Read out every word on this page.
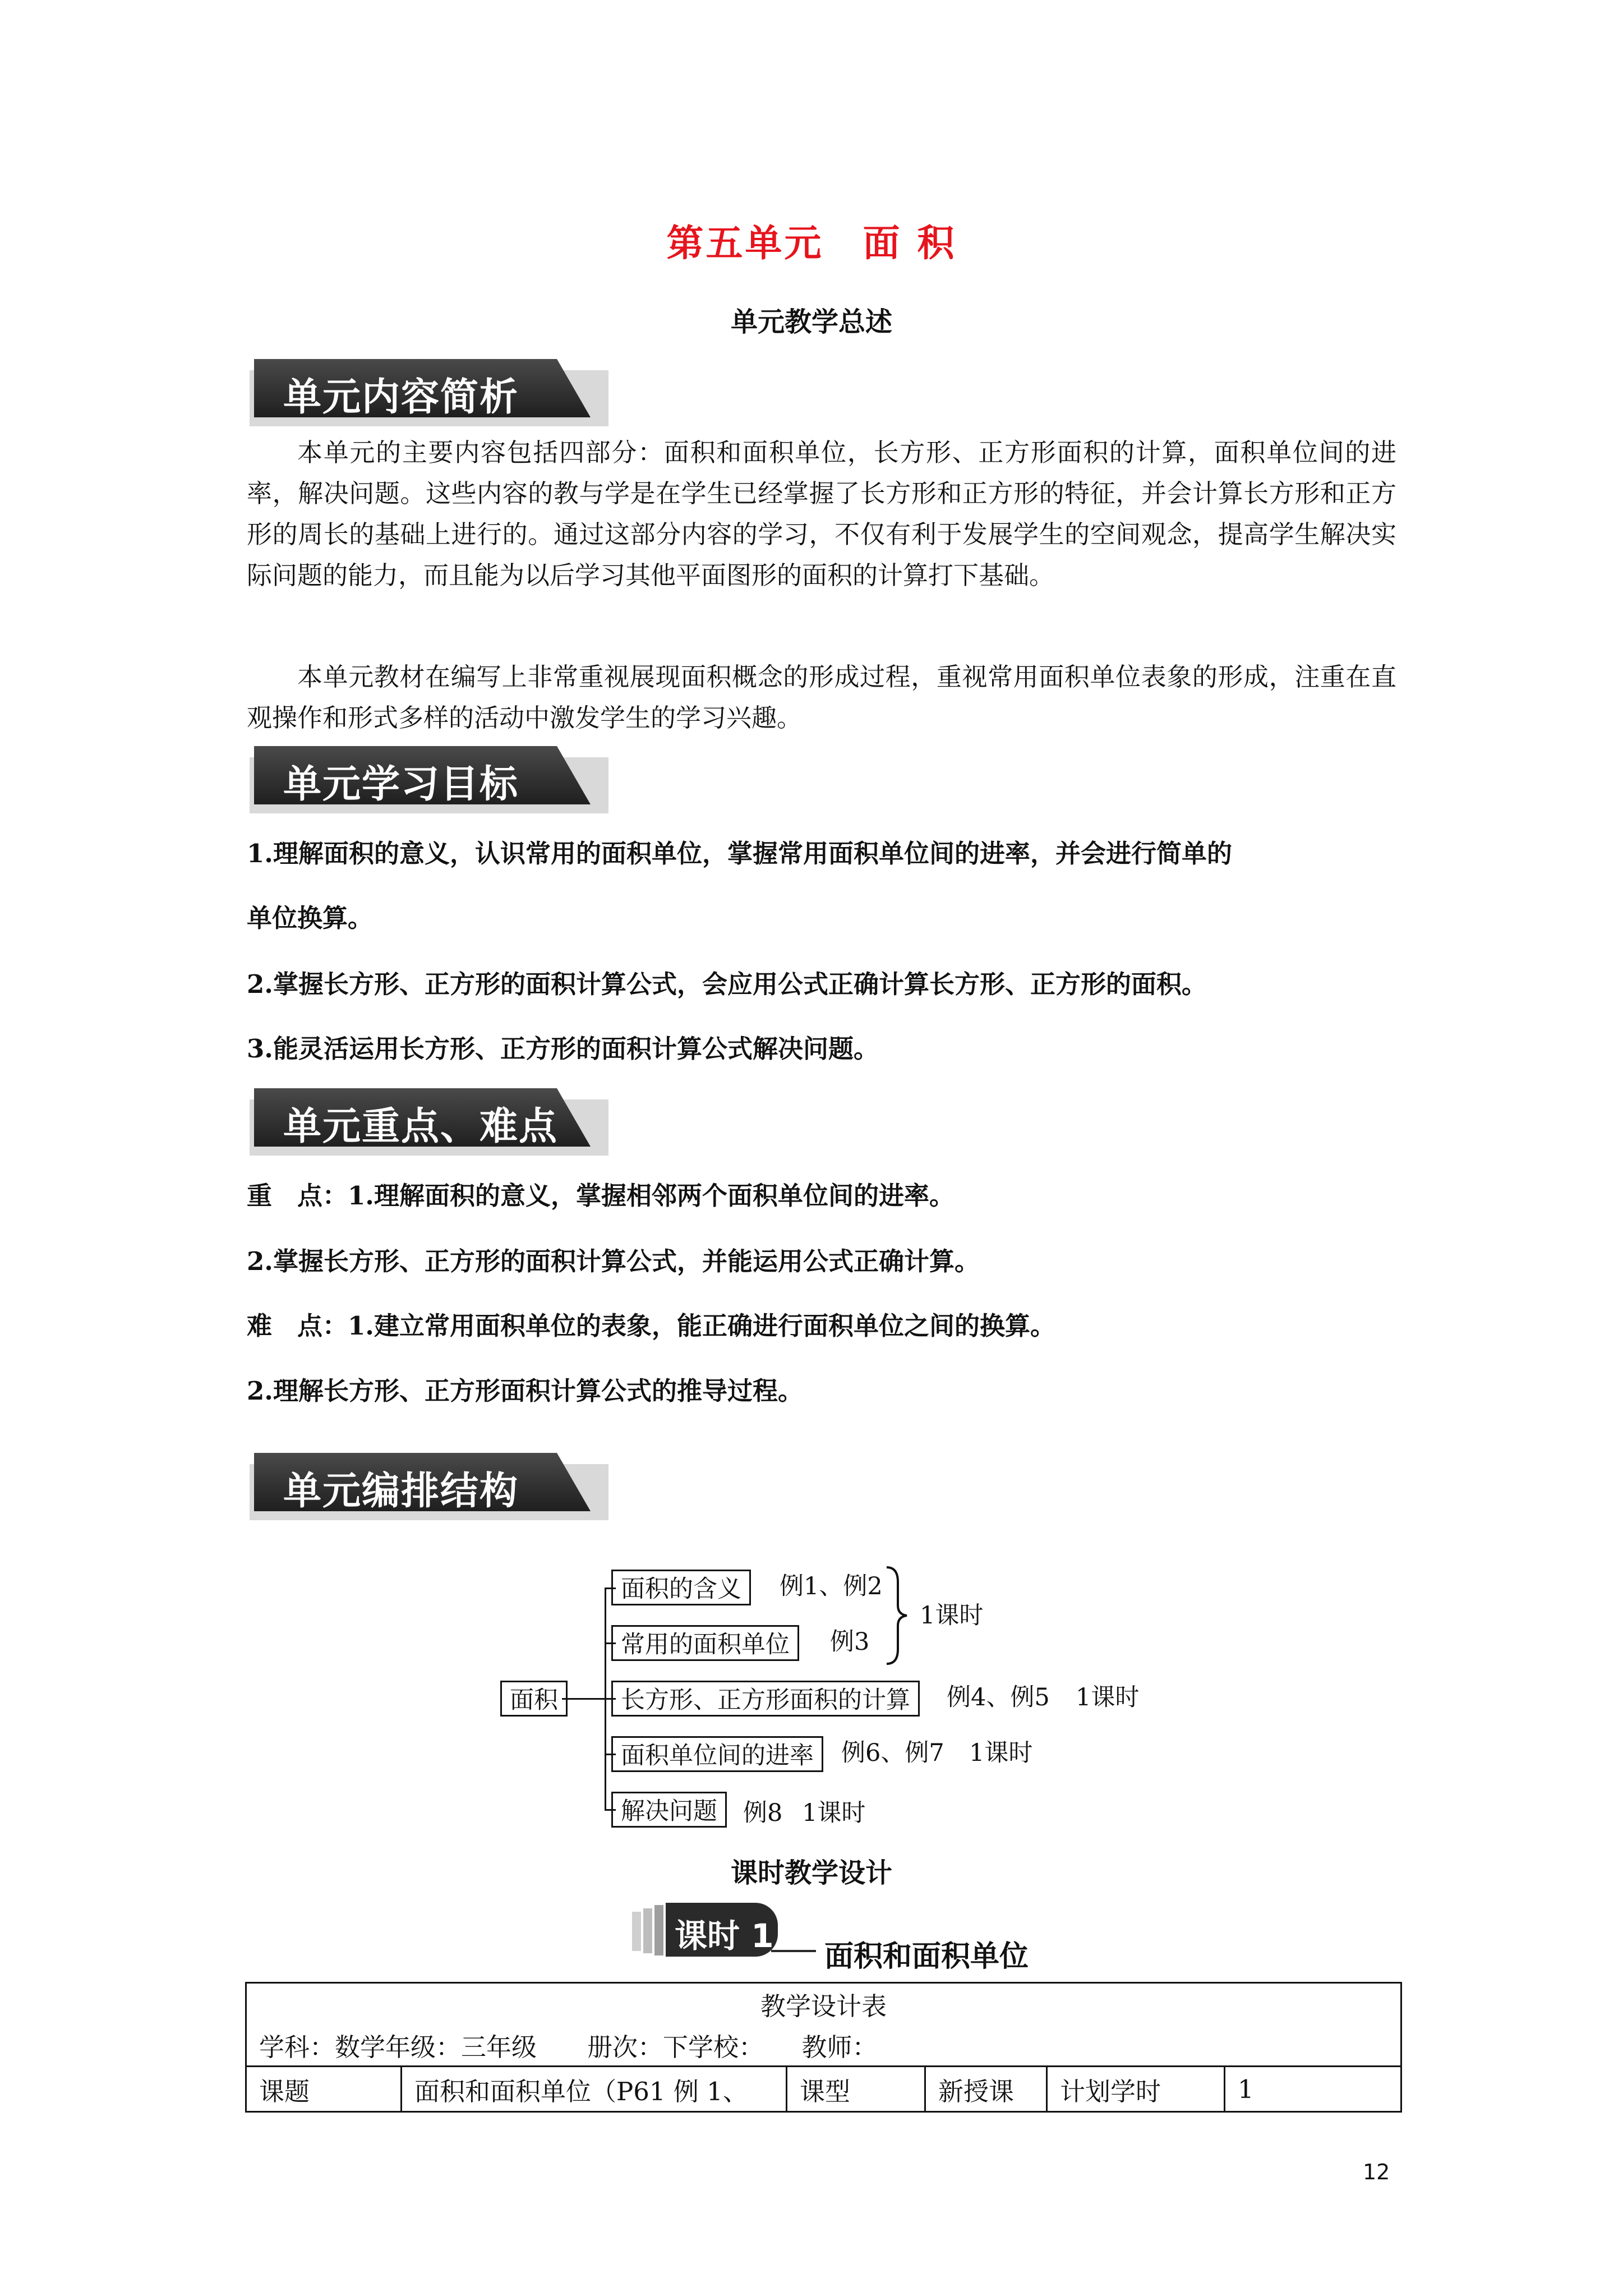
第五单元　面 积
单元教学总述
单元内容简析
本单元的主要内容包括四部分：面积和面积单位，长方形、正方形面积的计算，面积单位间的进率，解决问题。这些内容的教与学是在学生已经掌握了长方形和正方形的特征，并会计算长方形和正方形的周长的基础上进行的。通过这部分内容的学习，不仅有利于发展学生的空间观念，提高学生解决实际问题的能力，而且能为以后学习其他平面图形的面积的计算打下基础。
本单元教材在编写上非常重视展现面积概念的形成过程，重视常用面积单位表象的形成，注重在直观操作和形式多样的活动中激发学生的学习兴趣。
单元学习目标
1.理解面积的意义，认识常用的面积单位，掌握常用面积单位间的进率，并会进行简单的
单位换算。
2.掌握长方形、正方形的面积计算公式，会应用公式正确计算长方形、正方形的面积。
3.能灵活运用长方形、正方形的面积计算公式解决问题。
单元重点、难点
重　点：1.理解面积的意义，掌握相邻两个面积单位间的进率。
2.掌握长方形、正方形的面积计算公式，并能运用公式正确计算。
难　点：1.建立常用面积单位的表象，能正确进行面积单位之间的换算。
2.理解长方形、正方形面积计算公式的推导过程。
单元编排结构
面积
面积的含义	例1、例2
常用的面积单位	例3
1课时
长方形、正方形面积的计算	例4、例5 1课时
面积单位间的进率	例6、例7 1课时
解决问题	例8 1课时
课时教学设计
课时 1
面积和面积单位
教学设计表
学科：数学年级：三年级　　册次：下学校：　　教师：
课题	面积和面积单位（P61 例 1、	课型	新授课	计划学时	1
12
